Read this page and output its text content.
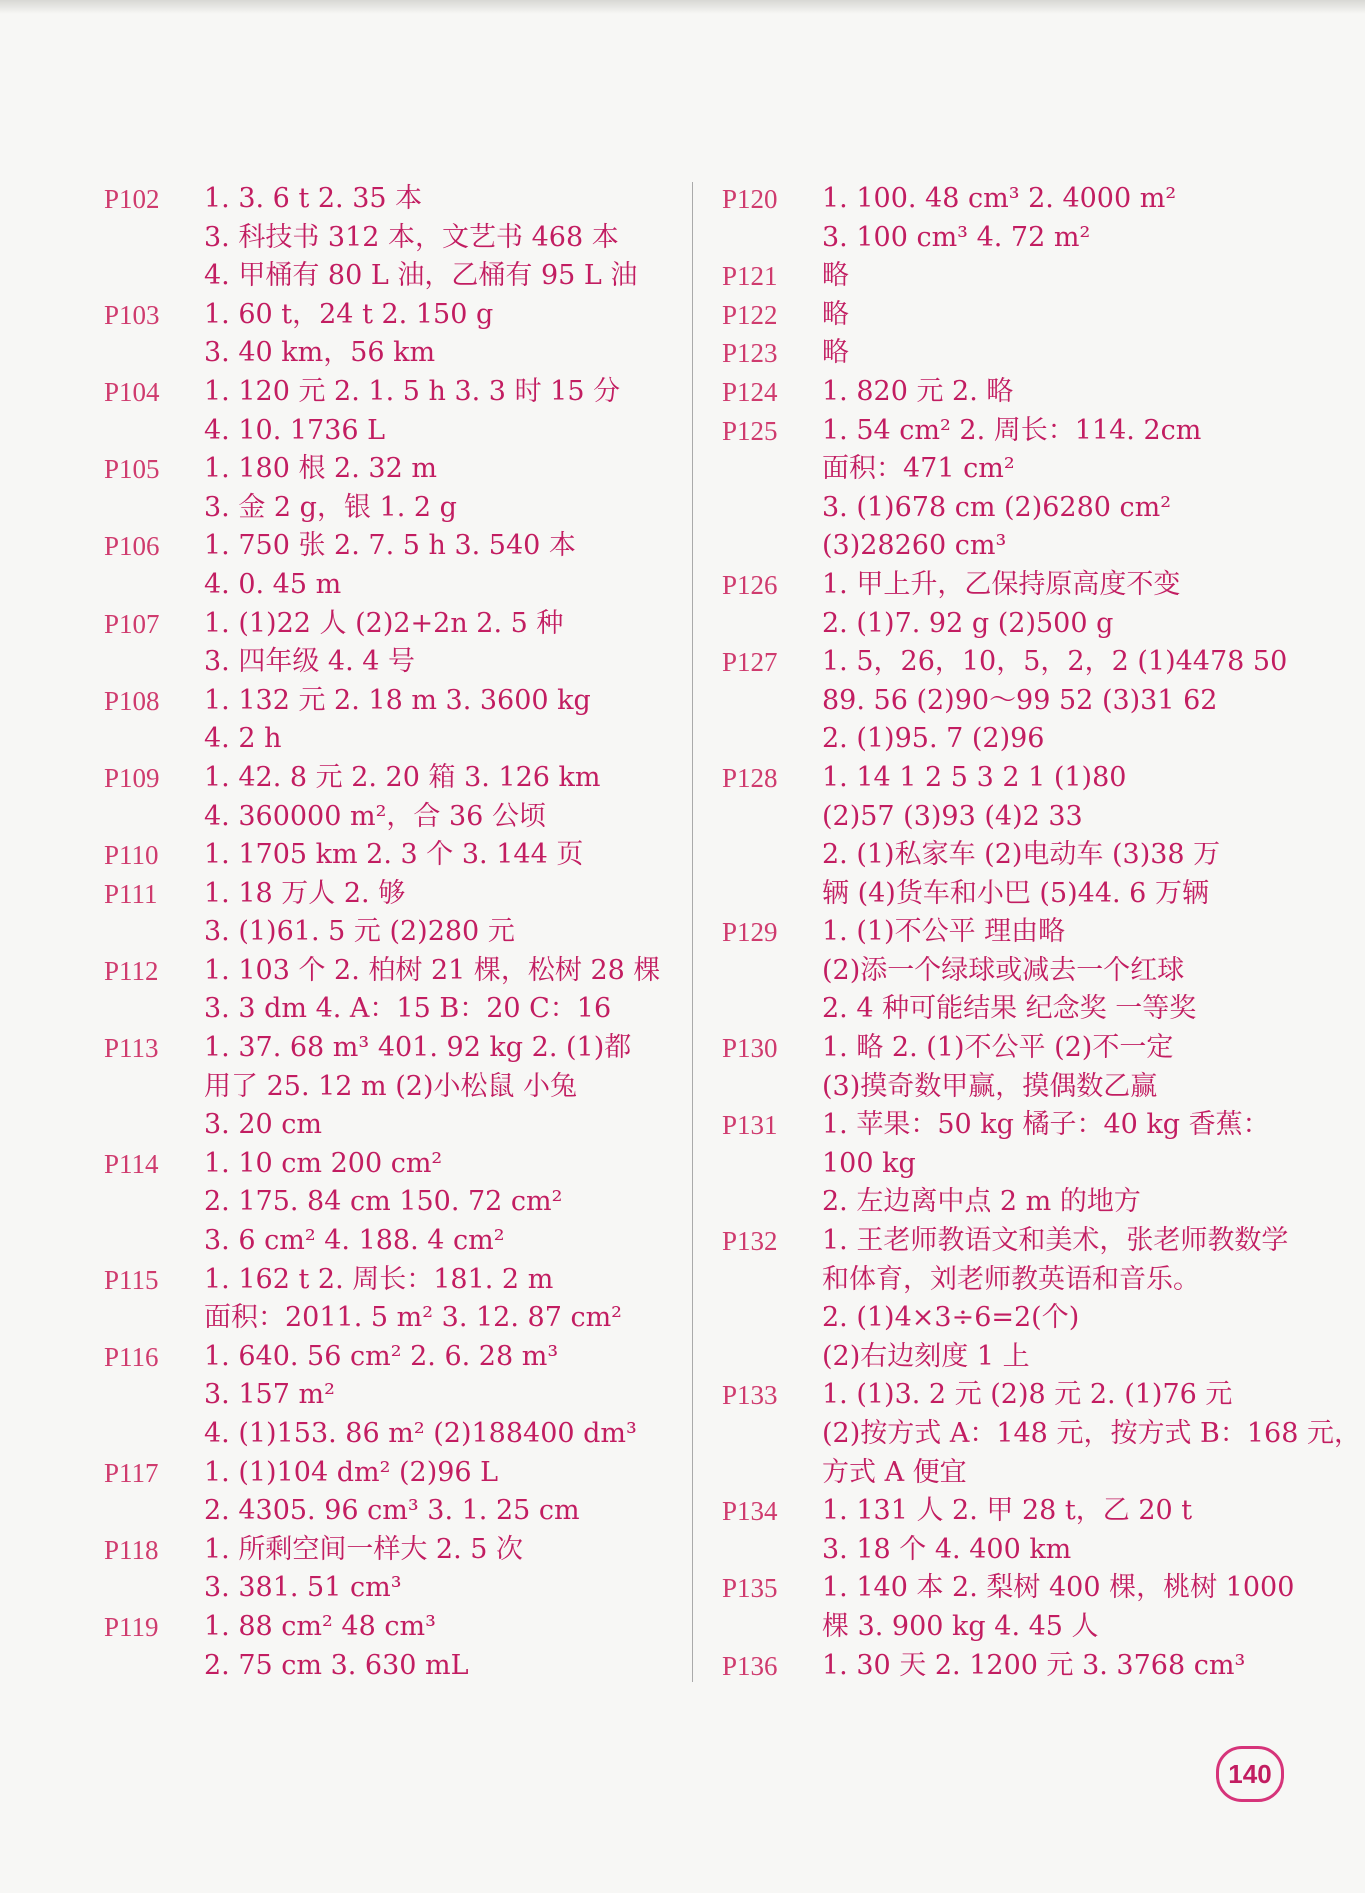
P102	1. 3. 6 t 2. 35 本
3. 科技书 312 本，文艺书 468 本
4. 甲桶有 80 L 油，乙桶有 95 L 油
P103	1. 60 t，24 t 2. 150 g
3. 40 km，56 km
P104	1. 120 元 2. 1. 5 h 3. 3 时 15 分
4. 10. 1736 L
P105	1. 180 根 2. 32 m
3. 金 2 g，银 1. 2 g
P106	1. 750 张 2. 7. 5 h 3. 540 本
4. 0. 45 m
P107	1. (1)22 人 (2)2+2n 2. 5 种
3. 四年级 4. 4 号
P108	1. 132 元 2. 18 m 3. 3600 kg
4. 2 h
P109	1. 42. 8 元 2. 20 箱 3. 126 km
4. 360000 m²，合 36 公顷
P110	1. 1705 km 2. 3 个 3. 144 页
P111	1. 18 万人 2. 够
3. (1)61. 5 元 (2)280 元
P112	1. 103 个 2. 柏树 21 棵，松树 28 棵
3. 3 dm 4. A：15 B：20 C：16
P113	1. 37. 68 m³ 401. 92 kg 2. (1)都
用了 25. 12 m (2)小松鼠 小兔
3. 20 cm
P114	1. 10 cm 200 cm²
2. 175. 84 cm 150. 72 cm²
3. 6 cm² 4. 188. 4 cm²
P115	1. 162 t 2. 周长：181. 2 m
面积：2011. 5 m² 3. 12. 87 cm²
P116	1. 640. 56 cm² 2. 6. 28 m³
3. 157 m²
4. (1)153. 86 m² (2)188400 dm³
P117	1. (1)104 dm² (2)96 L
2. 4305. 96 cm³ 3. 1. 25 cm
P118	1. 所剩空间一样大 2. 5 次
3. 381. 51 cm³
P119	1. 88 cm² 48 cm³
2. 75 cm 3. 630 mL
P120	1. 100. 48 cm³ 2. 4000 m²
3. 100 cm³ 4. 72 m²
P121	略
P122	略
P123	略
P124	1. 820 元 2. 略
P125	1. 54 cm² 2. 周长：114. 2cm
面积：471 cm²
3. (1)678 cm (2)6280 cm²
(3)28260 cm³
P126	1. 甲上升，乙保持原高度不变
2. (1)7. 92 g (2)500 g
P127	1. 5，26，10，5，2，2 (1)4478 50
89. 56 (2)90～99 52 (3)31 62
2. (1)95. 7 (2)96
P128	1. 14 1 2 5 3 2 1 (1)80
(2)57 (3)93 (4)2 33
2. (1)私家车 (2)电动车 (3)38 万
辆 (4)货车和小巴 (5)44. 6 万辆
P129	1. (1)不公平 理由略
(2)添一个绿球或减去一个红球
2. 4 种可能结果 纪念奖 一等奖
P130	1. 略 2. (1)不公平 (2)不一定
(3)摸奇数甲赢，摸偶数乙赢
P131	1. 苹果：50 kg 橘子：40 kg 香蕉：
100 kg
2. 左边离中点 2 m 的地方
P132	1. 王老师教语文和美术，张老师教数学
和体育，刘老师教英语和音乐。
2. (1)4×3÷6=2(个)
(2)右边刻度 1 上
P133	1. (1)3. 2 元 (2)8 元 2. (1)76 元
(2)按方式 A：148 元，按方式 B：168 元，
方式 A 便宜
P134	1. 131 人 2. 甲 28 t，乙 20 t
3. 18 个 4. 400 km
P135	1. 140 本 2. 梨树 400 棵，桃树 1000
棵 3. 900 kg 4. 45 人
P136	1. 30 天 2. 1200 元 3. 3768 cm³
140
